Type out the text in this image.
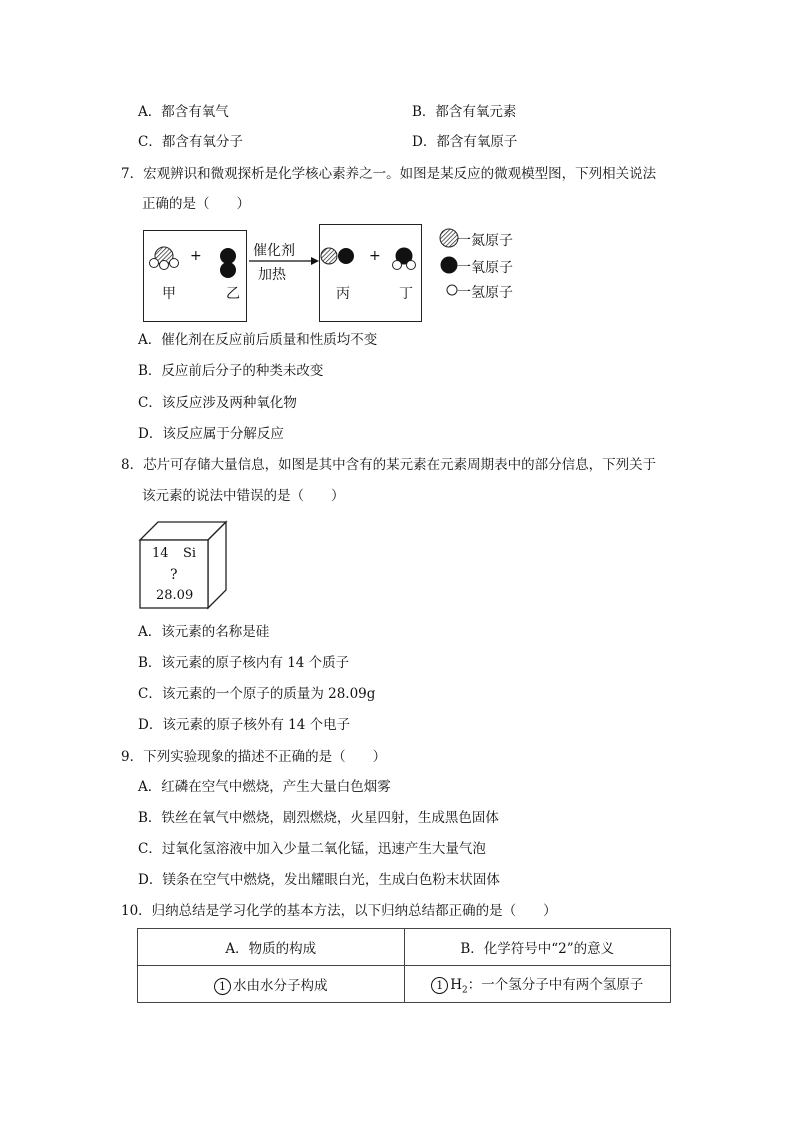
A．都含有氧气	B．都含有氧元素
C．都含有氧分子	D．都含有氧原子
7．宏观辨识和微观探析是化学核心素养之一。如图是某反应的微观模型图，下列相关说法
正确的是（　　）
+	+
甲	乙	丙	丁
催化剂
加热
一氮原子
一氧原子
一氢原子
A．催化剂在反应前后质量和性质均不变
B．反应前后分子的种类未改变
C．该反应涉及两种氧化物
D．该反应属于分解反应
8．芯片可存储大量信息，如图是其中含有的某元素在元素周期表中的部分信息，下列关于
该元素的说法中错误的是（　　）
14 Si
?
28.09
A．该元素的名称是硅
B．该元素的原子核内有 14 个质子
C．该元素的一个原子的质量为 28.09g
D．该元素的原子核外有 14 个电子
9．下列实验现象的描述不正确的是（　　）
A．红磷在空气中燃烧，产生大量白色烟雾
B．铁丝在氧气中燃烧，剧烈燃烧，火星四射，生成黑色固体
C．过氧化氢溶液中加入少量二氧化锰，迅速产生大量气泡
D．镁条在空气中燃烧，发出耀眼白光，生成白色粉末状固体
10．归纳总结是学习化学的基本方法，以下归纳总结都正确的是（　　）
A．物质的构成	B．化学符号中“2”的意义
1 水由水分子构成	1 $H_2$：一个氢分子中有两个氢原子
